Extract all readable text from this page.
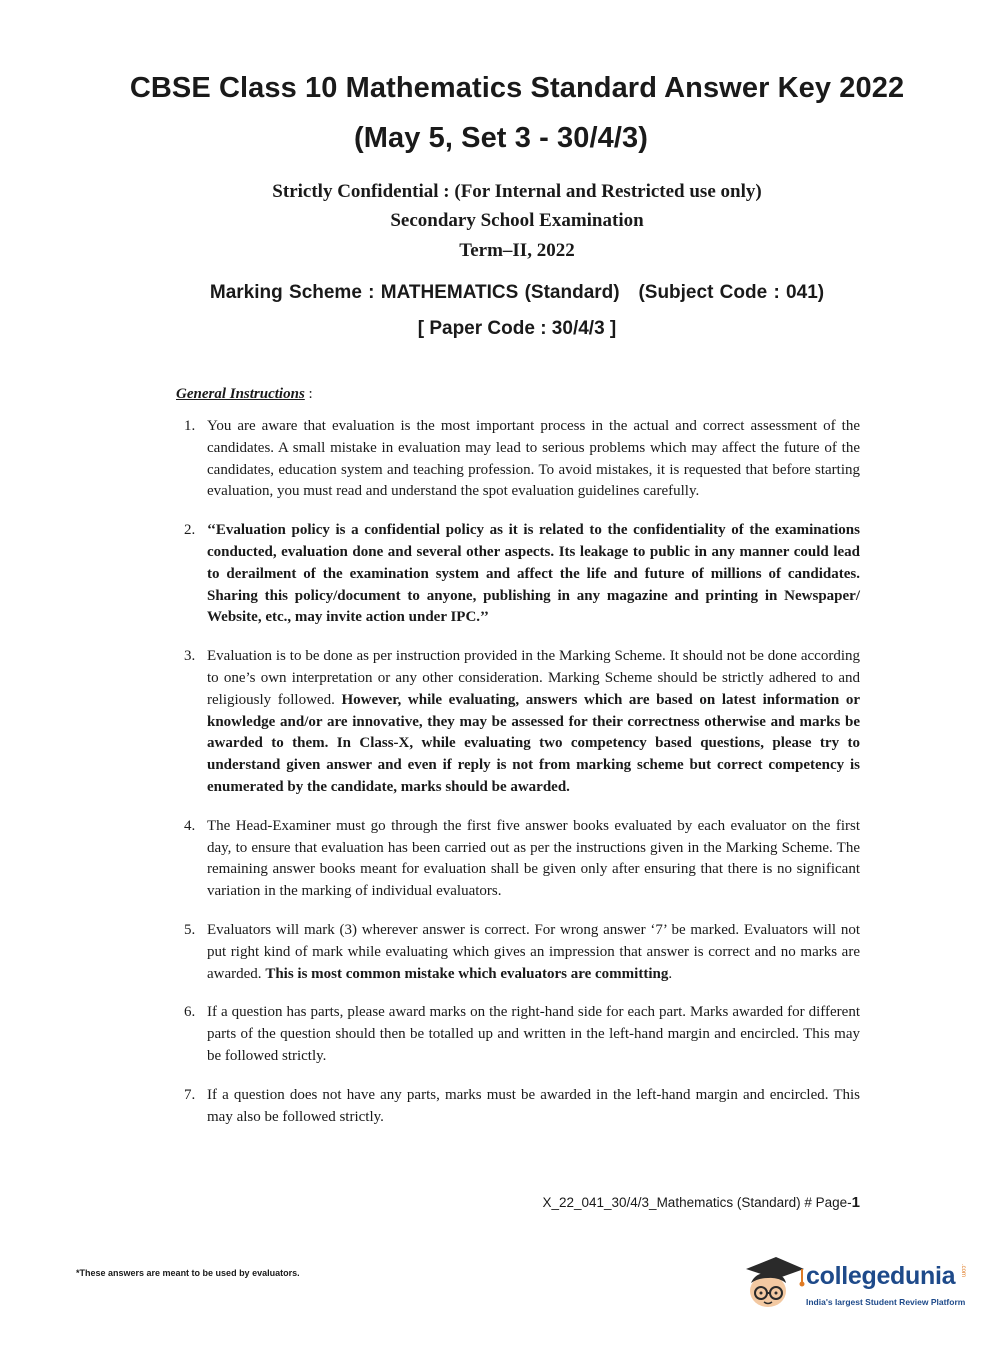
CBSE Class 10 Mathematics Standard Answer Key 2022
(May 5, Set 3 - 30/4/3)
Strictly Confidential : (For Internal and Restricted use only)
Secondary School Examination
Term–II, 2022
Marking Scheme : MATHEMATICS (Standard)   (Subject Code : 041)
[ Paper Code : 30/4/3 ]
General Instructions :
1. You are aware that evaluation is the most important process in the actual and correct assessment of the candidates. A small mistake in evaluation may lead to serious problems which may affect the future of the candidates, education system and teaching profession. To avoid mistakes, it is requested that before starting evaluation, you must read and understand the spot evaluation guidelines carefully.
2. ‘‘Evaluation policy is a confidential policy as it is related to the confidentiality of the examinations conducted, evaluation done and several other aspects. Its leakage to public in any manner could lead to derailment of the examination system and affect the life and future of millions of candidates. Sharing this policy/document to anyone, publishing in any magazine and printing in Newspaper/ Website, etc., may invite action under IPC.’’
3. Evaluation is to be done as per instruction provided in the Marking Scheme. It should not be done according to one’s own interpretation or any other consideration. Marking Scheme should be strictly adhered to and religiously followed. However, while evaluating, answers which are based on latest information or knowledge and/or are innovative, they may be assessed for their correctness otherwise and marks be awarded to them. In Class-X, while evaluating two competency based questions, please try to understand given answer and even if reply is not from marking scheme but correct competency is enumerated by the candidate, marks should be awarded.
4. The Head-Examiner must go through the first five answer books evaluated by each evaluator on the first day, to ensure that evaluation has been carried out as per the instructions given in the Marking Scheme. The remaining answer books meant for evaluation shall be given only after ensuring that there is no significant variation in the marking of individual evaluators.
5. Evaluators will mark (3) wherever answer is correct. For wrong answer ‘7’ be marked. Evaluators will not put right kind of mark while evaluating which gives an impression that answer is correct and no marks are awarded. This is most common mistake which evaluators are committing.
6. If a question has parts, please award marks on the right-hand side for each part. Marks awarded for different parts of the question should then be totalled up and written in the left-hand margin and encircled. This may be followed strictly.
7. If a question does not have any parts, marks must be awarded in the left-hand margin and encircled. This may also be followed strictly.
X_22_041_30/4/3_Mathematics (Standard) # Page-1
*These answers are meant to be used by evaluators.	collegedunia .com
India's largest Student Review Platform
